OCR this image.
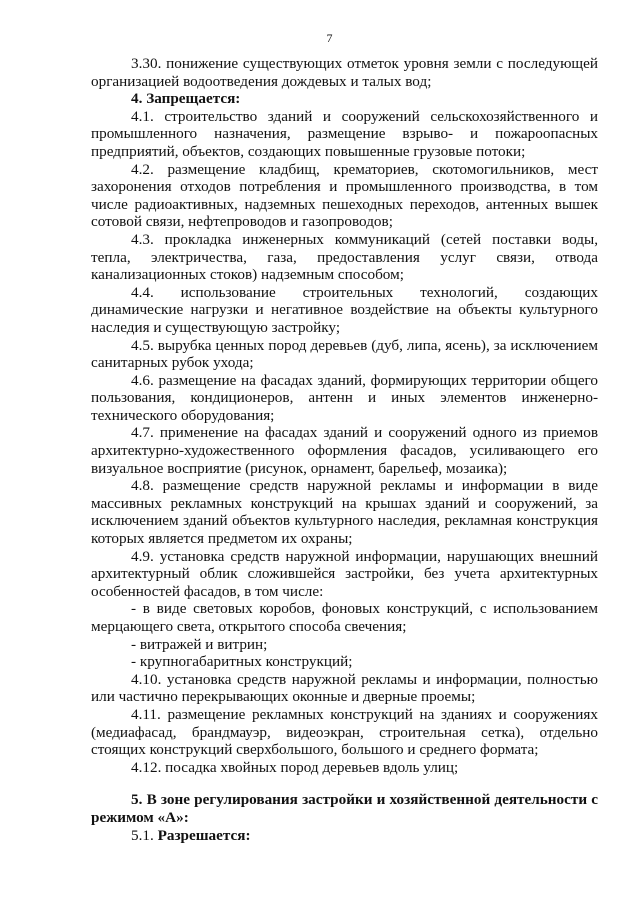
7

3.30. понижение существующих отметок уровня земли с последующей организацией водоотведения дождевых и талых вод;

4. Запрещается:

4.1. строительство зданий и сооружений сельскохозяйственного и промышленного назначения, размещение взрыво- и пожароопасных предприятий, объектов, создающих повышенные грузовые потоки;

4.2. размещение кладбищ, крематориев, скотомогильников, мест захоронения отходов потребления и промышленного производства, в том числе радиоактивных, надземных пешеходных переходов, антенных вышек сотовой связи, нефтепроводов и газопроводов;

4.3. прокладка инженерных коммуникаций (сетей поставки воды, тепла, электричества, газа, предоставления услуг связи, отвода канализационных стоков) надземным способом;

4.4. использование строительных технологий, создающих динамические нагрузки и негативное воздействие на объекты культурного наследия и существующую застройку;

4.5. вырубка ценных пород деревьев (дуб, липа, ясень), за исключением санитарных рубок ухода;

4.6. размещение на фасадах зданий, формирующих территории общего пользования, кондиционеров, антенн и иных элементов инженерно-технического оборудования;

4.7. применение на фасадах зданий и сооружений одного из приемов архитектурно-художественного оформления фасадов, усиливающего его визуальное восприятие (рисунок, орнамент, барельеф, мозаика);

4.8. размещение средств наружной рекламы и информации в виде массивных рекламных конструкций на крышах зданий и сооружений, за исключением зданий объектов культурного наследия, рекламная конструкция которых является предметом их охраны;

4.9. установка средств наружной информации, нарушающих внешний архитектурный облик сложившейся застройки, без учета архитектурных особенностей фасадов, в том числе:

- в виде световых коробов, фоновых конструкций, с использованием мерцающего света, открытого способа свечения;

- витражей и витрин;

- крупногабаритных конструкций;

4.10. установка средств наружной рекламы и информации, полностью или частично перекрывающих оконные и дверные проемы;

4.11. размещение рекламных конструкций на зданиях и сооружениях (медиафасад, брандмауэр, видеоэкран, строительная сетка), отдельно стоящих конструкций сверхбольшого, большого и среднего формата;

4.12. посадка хвойных пород деревьев вдоль улиц;

5. В зоне регулирования застройки и хозяйственной деятельности с режимом «А»:

5.1. Разрешается:
